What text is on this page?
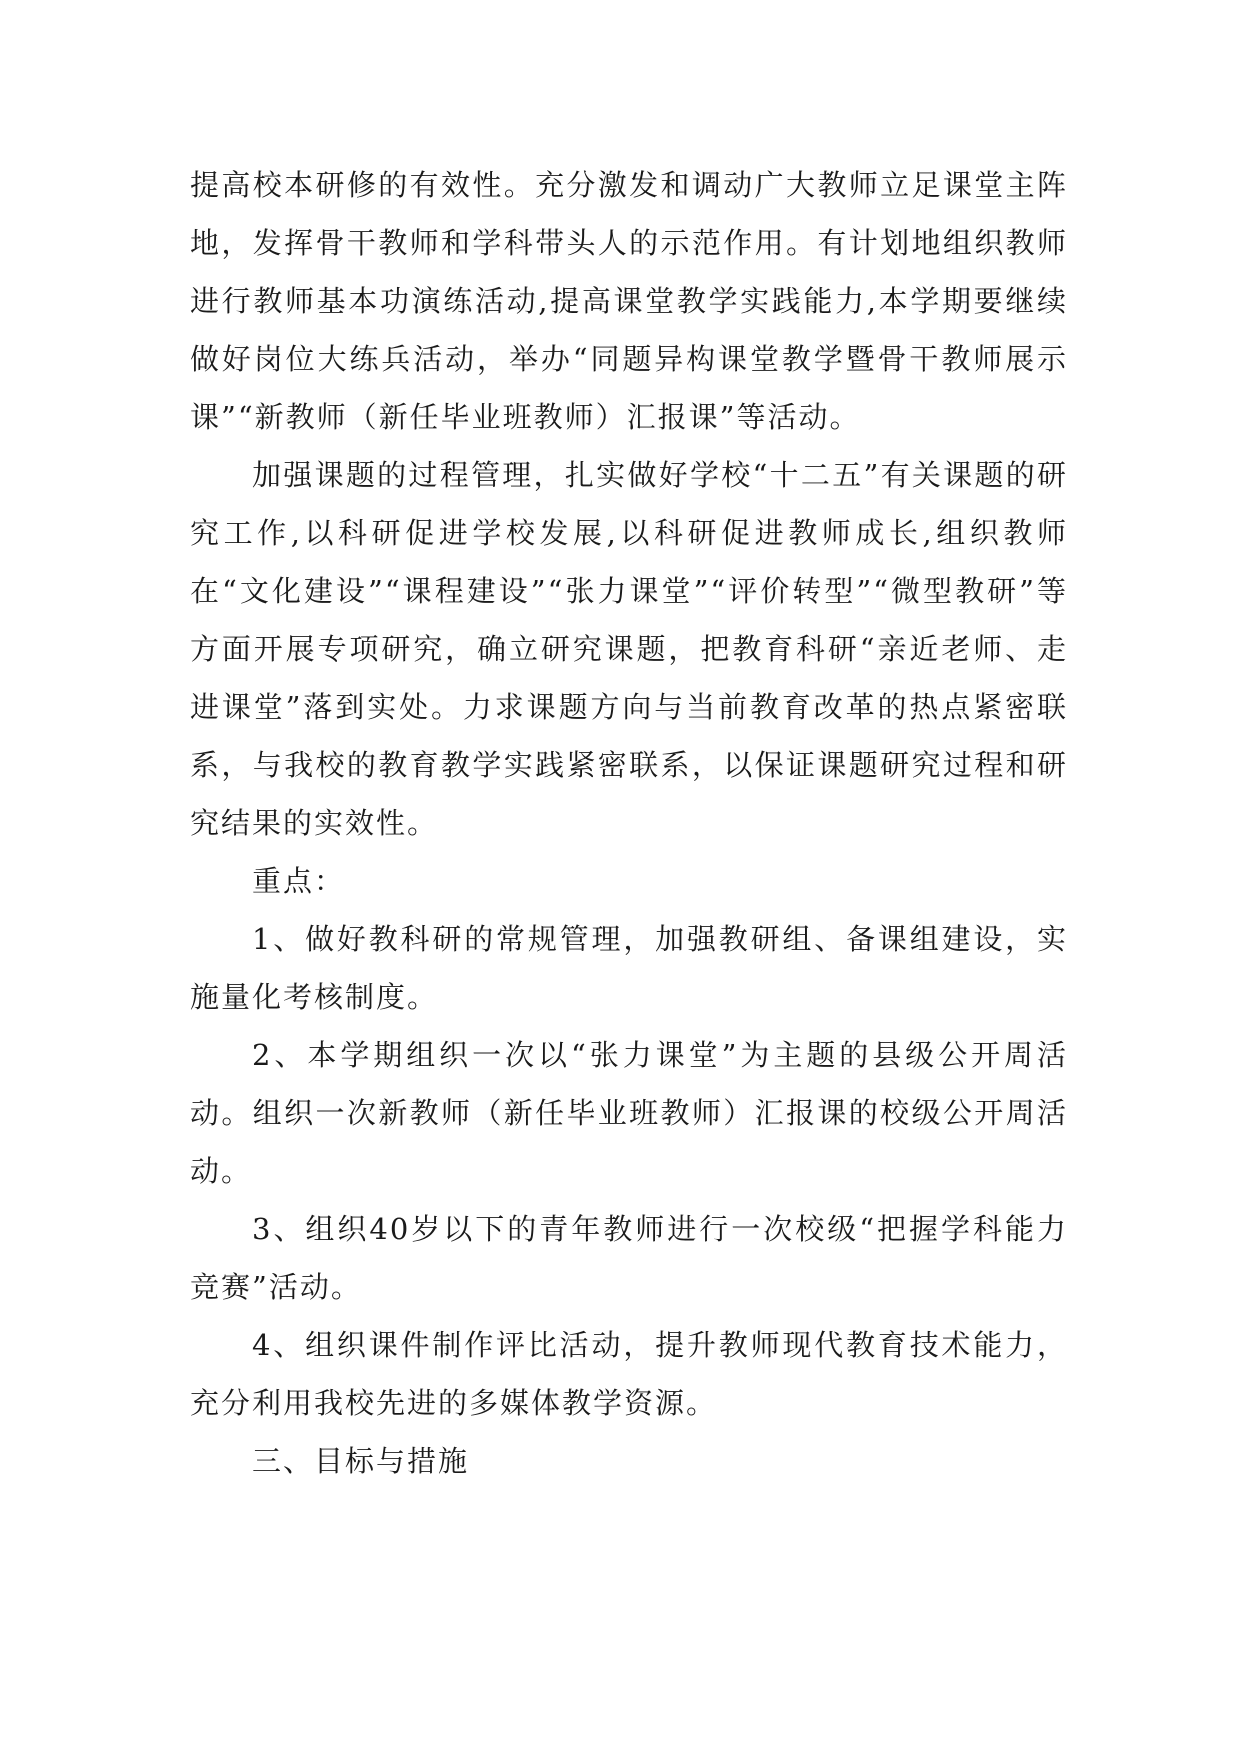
提高校本研修的有效性。充分激发和调动广大教师立足课堂主阵地，发挥骨干教师和学科带头人的示范作用。有计划地组织教师进行教师基本功演练活动,提高课堂教学实践能力,本学期要继续做好岗位大练兵活动，举办“同题异构课堂教学暨骨干教师展示课”“新教师（新任毕业班教师）汇报课”等活动。

加强课题的过程管理，扎实做好学校“十二五”有关课题的研究工作,以科研促进学校发展,以科研促进教师成长,组织教师在“文化建设”“课程建设”“张力课堂”“评价转型”“微型教研”等方面开展专项研究，确立研究课题，把教育科研“亲近老师、走进课堂”落到实处。力求课题方向与当前教育改革的热点紧密联系，与我校的教育教学实践紧密联系，以保证课题研究过程和研究结果的实效性。

重点：

1、做好教科研的常规管理，加强教研组、备课组建设，实施量化考核制度。

2、本学期组织一次以“张力课堂”为主题的县级公开周活动。组织一次新教师（新任毕业班教师）汇报课的校级公开周活动。

3、组织40岁以下的青年教师进行一次校级“把握学科能力竞赛”活动。

4、组织课件制作评比活动，提升教师现代教育技术能力，充分利用我校先进的多媒体教学资源。

三、目标与措施
